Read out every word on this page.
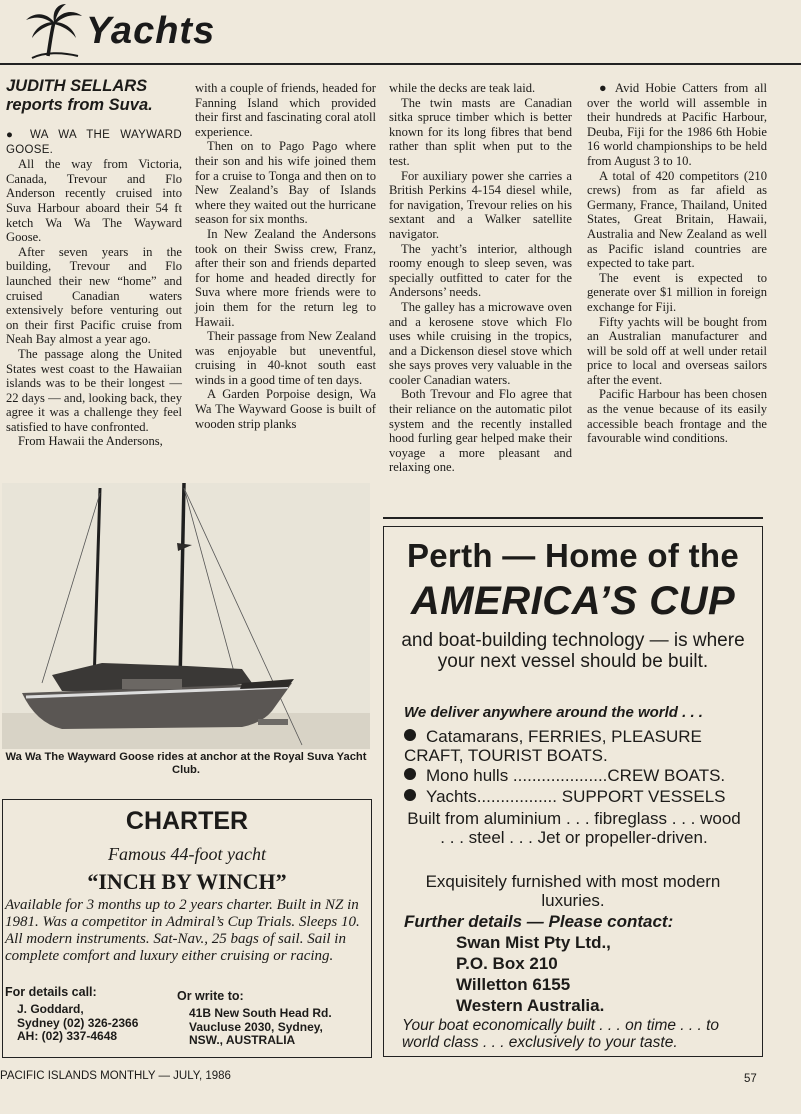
Yachts
JUDITH SELLARS reports from Suva.

● WA WA THE WAYWARD GOOSE.

All the way from Victoria, Canada, Trevour and Flo Anderson recently cruised into Suva Harbour aboard their 54 ft ketch Wa Wa The Wayward Goose.

After seven years in the building, Trevour and Flo launched their new “home” and cruised Canadian waters extensively before venturing out on their first Pacific cruise from Neah Bay almost a year ago.

The passage along the United States west coast to the Hawaiian islands was to be their longest — 22 days — and, looking back, they agree it was a challenge they feel satisfied to have confronted.

From Hawaii the Andersons,

with a couple of friends, headed for Fanning Island which provided their first and fascinating coral atoll experience.

Then on to Pago Pago where their son and his wife joined them for a cruise to Tonga and then on to New Zealand’s Bay of Islands where they waited out the hurricane season for six months.

In New Zealand the Andersons took on their Swiss crew, Franz, after their son and friends departed for home and headed directly for Suva where more friends were to join them for the return leg to Hawaii.

Their passage from New Zealand was enjoyable but uneventful, cruising in 40-knot south east winds in a good time of ten days.

A Garden Porpoise design, Wa Wa The Wayward Goose is built of wooden strip planks

while the decks are teak laid.

The twin masts are Canadian sitka spruce timber which is better known for its long fibres that bend rather than split when put to the test.

For auxiliary power she carries a British Perkins 4-154 diesel while, for navigation, Trevour relies on his sextant and a Walker satellite navigator.

The yacht’s interior, although roomy enough to sleep seven, was specially outfitted to cater for the Andersons’ needs.

The galley has a microwave oven and a kerosene stove which Flo uses while cruising in the tropics, and a Dickenson diesel stove which she says proves very valuable in the cooler Canadian waters.

Both Trevour and Flo agree that their reliance on the automatic pilot system and the recently installed hood furling gear helped make their voyage a more pleasant and relaxing one.

● Avid Hobie Catters from all over the world will assemble in their hundreds at Pacific Harbour, Deuba, Fiji for the 1986 6th Hobie 16 world championships to be held from August 3 to 10.

A total of 420 competitors (210 crews) from as far afield as Germany, France, Thailand, United States, Great Britain, Hawaii, Australia and New Zealand as well as Pacific island countries are expected to take part.

The event is expected to generate over $1 million in foreign exchange for Fiji.

Fifty yachts will be bought from an Australian manufacturer and will be sold off at well under retail price to local and overseas sailors after the event.

Pacific Harbour has been chosen as the venue because of its easily accessible beach frontage and the favourable wind conditions.

Wa Wa The Wayward Goose rides at anchor at the Royal Suva Yacht Club.
CHARTER
Famous 44-foot yacht
“INCH BY WINCH”
Available for 3 months up to 2 years charter. Built in NZ in 1981. Was a competitor in Admiral’s Cup Trials. Sleeps 10. All modern instruments. Sat-Nav., 25 bags of sail. Sail in complete comfort and luxury either cruising or racing.
For details call:
J. Goddard,
Sydney (02) 326-2366
AH: (02) 337-4648
Or write to:
41B New South Head Rd.
Vaucluse 2030, Sydney,
NSW., AUSTRALIA
Perth — Home of the
AMERICA’S CUP
and boat-building technology — is where your next vessel should be built.
We deliver anywhere around the world . . .
Catamarans, FERRIES, PLEASURE CRAFT, TOURIST BOATS.
Mono hulls ....................CREW BOATS.
Yachts................. SUPPORT VESSELS
Built from aluminium . . . fibreglass . . . wood . . . steel . . . Jet or propeller-driven.
Exquisitely furnished with most modern luxuries.
Further details — Please contact:
Swan Mist Pty Ltd.,
P.O. Box 210
Willetton 6155
Western Australia.
Your boat economically built . . . on time . . . to world class . . . exclusively to your taste.
PACIFIC ISLANDS MONTHLY — JULY, 1986	57
